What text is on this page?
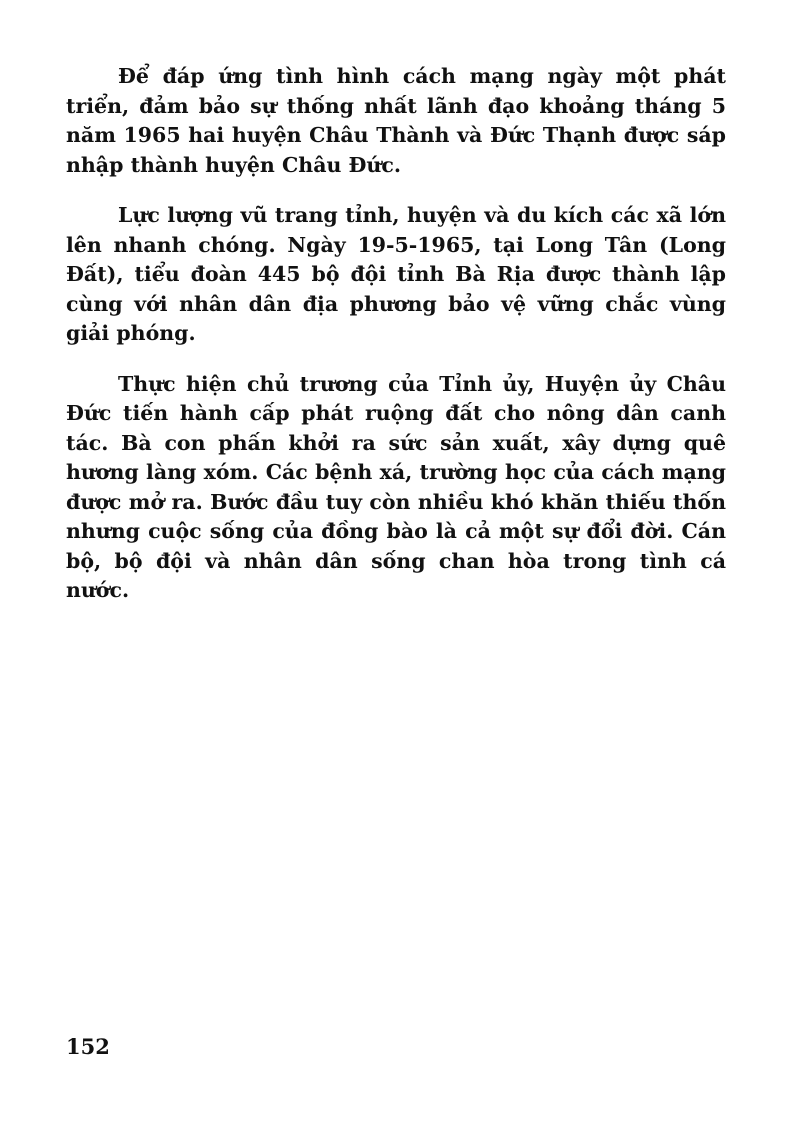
Để đáp ứng tình hình cách mạng ngày một phát triển, đảm bảo sự thống nhất lãnh đạo khoảng tháng 5 năm 1965 hai huyện Châu Thành và Đức Thạnh được sáp nhập thành huyện Châu Đức.

Lực lượng vũ trang tỉnh, huyện và du kích các xã lớn lên nhanh chóng. Ngày 19-5-1965, tại Long Tân (Long Đất), tiểu đoàn 445 bộ đội tỉnh Bà Rịa được thành lập cùng với nhân dân địa phương bảo vệ vững chắc vùng giải phóng.

Thực hiện chủ trương của Tỉnh ủy, Huyện ủy Châu Đức tiến hành cấp phát ruộng đất cho nông dân canh tác. Bà con phấn khởi ra sức sản xuất, xây dựng quê hương làng xóm. Các bệnh xá, trường học của cách mạng được mở ra. Bước đầu tuy còn nhiều khó khăn thiếu thốn nhưng cuộc sống của đồng bào là cả một sự đổi đời. Cán bộ, bộ đội và nhân dân sống chan hòa trong tình cá nước.

152
